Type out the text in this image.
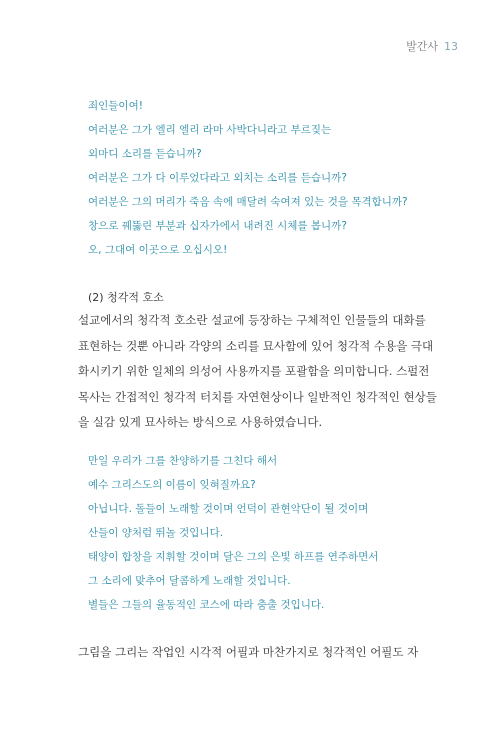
발간사 13
죄인들이여!
여러분은 그가 엘리 엘리 라마 사박다니라고 부르짖는
외마디 소리를 듣습니까?
여러분은 그가 다 이루었다라고 외치는 소리를 듣습니까?
여러분은 그의 머리가 죽음 속에 매달려 숙여져 있는 것을 목격합니까?
창으로 꿰뚫린 부분과 십자가에서 내려진 시체를 봅니까?
오, 그대여 이곳으로 오십시오!
(2) 청각적 호소
설교에서의 청각적 호소란 설교에 등장하는 구체적인 인물들의 대화를
표현하는 것뿐 아니라 각양의 소리를 묘사함에 있어 청각적 수용을 극대
화시키기 위한 일체의 의성어 사용까지를 포괄함을 의미합니다. 스펄전
목사는 간접적인 청각적 터치를 자연현상이나 일반적인 청각적인 현상들
을 실감 있게 묘사하는 방식으로 사용하였습니다.
만일 우리가 그를 찬양하기를 그친다 해서
예수 그리스도의 이름이 잊혀질까요?
아닙니다. 돌들이 노래할 것이며 언덕이 관현악단이 될 것이며
산들이 양처럼 뛰놀 것입니다.
태양이 합창을 지휘할 것이며 달은 그의 은빛 하프를 연주하면서
그 소리에 맞추어 달콤하게 노래할 것입니다.
별들은 그들의 율동적인 코스에 따라 춤출 것입니다.
그림을 그리는 작업인 시각적 어필과 마찬가지로 청각적인 어필도 자
